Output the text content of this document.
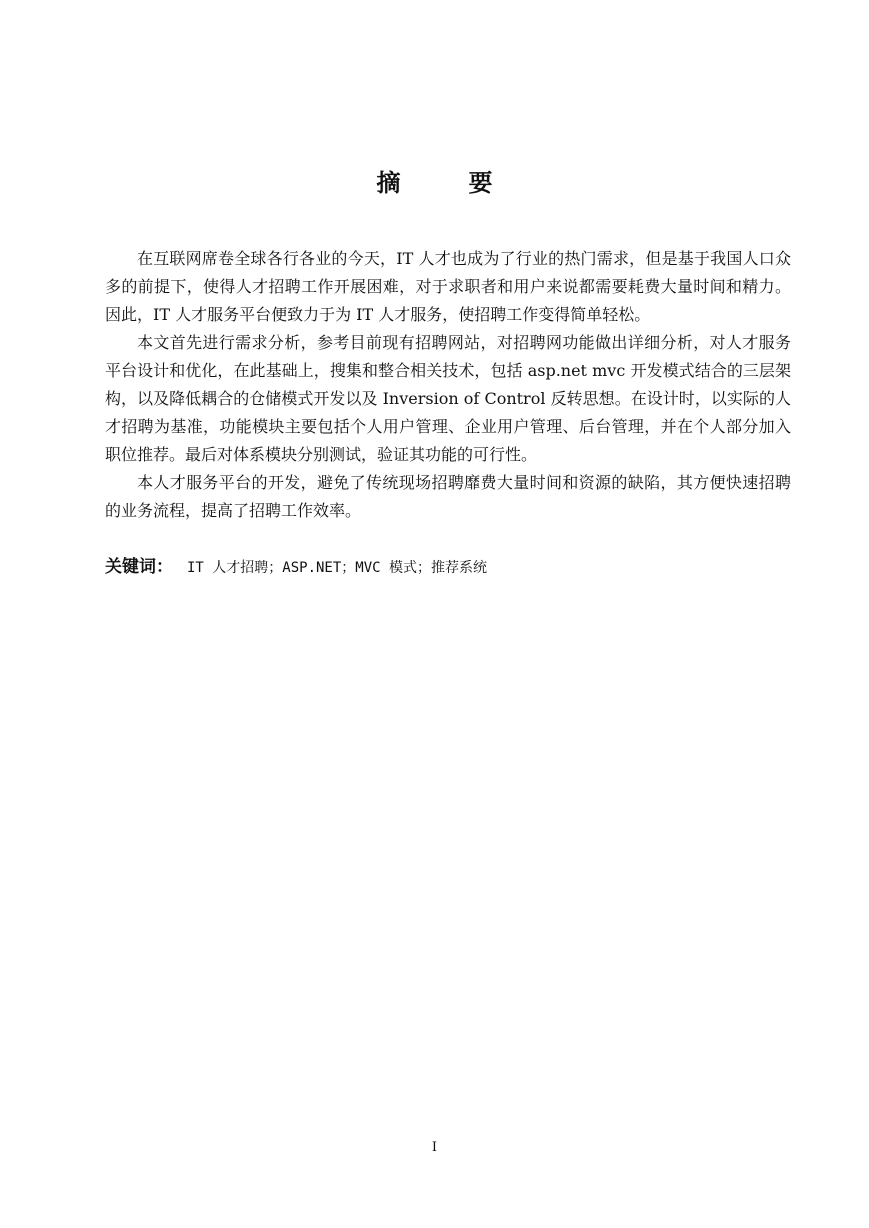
摘　要

在互联网席卷全球各行各业的今天，IT 人才也成为了行业的热门需求，但是基于我国人口众多的前提下，使得人才招聘工作开展困难，对于求职者和用户来说都需要耗费大量时间和精力。因此，IT 人才服务平台便致力于为 IT 人才服务，使招聘工作变得简单轻松。

本文首先进行需求分析，参考目前现有招聘网站，对招聘网功能做出详细分析，对人才服务平台设计和优化，在此基础上，搜集和整合相关技术，包括 asp.net mvc 开发模式结合的三层架构，以及降低耦合的仓储模式开发以及 Inversion of Control 反转思想。在设计时，以实际的人才招聘为基准，功能模块主要包括个人用户管理、企业用户管理、后台管理，并在个人部分加入职位推荐。最后对体系模块分别测试，验证其功能的可行性。

本人才服务平台的开发，避免了传统现场招聘靡费大量时间和资源的缺陷，其方便快速招聘的业务流程，提高了招聘工作效率。

关键词： IT 人才招聘；ASP.NET；MVC 模式；推荐系统
I
